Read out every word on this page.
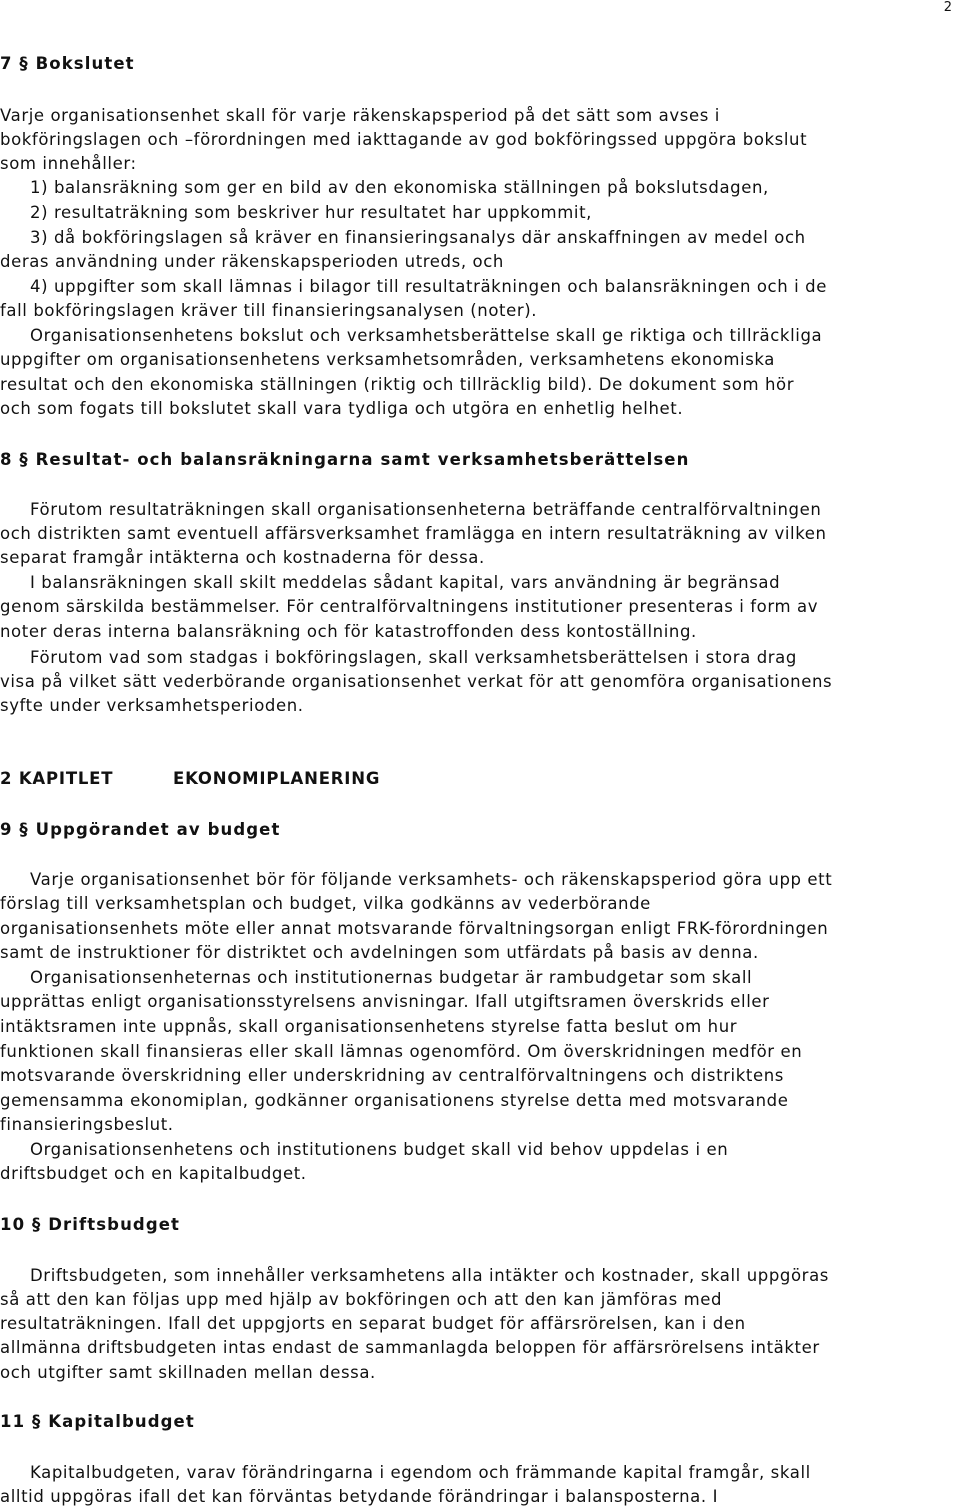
2
7 § Bokslutet
Varje organisationsenhet skall för varje räkenskapsperiod på det sätt som avses i
bokföringslagen och –förordningen med iakttagande av god bokföringssed uppgöra bokslut
som innehåller:
1) balansräkning som ger en bild av den ekonomiska ställningen på bokslutsdagen,
2) resultaträkning som beskriver hur resultatet har uppkommit,
3) då bokföringslagen så kräver en finansieringsanalys där anskaffningen av medel och
deras användning under räkenskapsperioden utreds, och
4) uppgifter som skall lämnas i bilagor till resultaträkningen och balansräkningen och i de
fall bokföringslagen kräver till finansieringsanalysen (noter).
Organisationsenhetens bokslut och verksamhetsberättelse skall ge riktiga och tillräckliga
uppgifter om organisationsenhetens verksamhetsområden, verksamhetens ekonomiska
resultat och den ekonomiska ställningen (riktig och tillräcklig bild). De dokument som hör
och som fogats till bokslutet skall vara tydliga och utgöra en enhetlig helhet.
8 § Resultat- och balansräkningarna samt verksamhetsberättelsen
Förutom resultaträkningen skall organisationsenheterna beträffande centralförvaltningen
och distrikten samt eventuell affärsverksamhet framlägga en intern resultaträkning av vilken
separat framgår intäkterna och kostnaderna för dessa.
I balansräkningen skall skilt meddelas sådant kapital, vars användning är begränsad
genom särskilda bestämmelser. För centralförvaltningens institutioner presenteras i form av
noter deras interna balansräkning och för katastroffonden dess kontoställning.
Förutom vad som stadgas i bokföringslagen, skall verksamhetsberättelsen i stora drag
visa på vilket sätt vederbörande organisationsenhet verkat för att genomföra organisationens
syfte under verksamhetsperioden.
2 KAPITLET	EKONOMIPLANERING
9 § Uppgörandet av budget
Varje organisationsenhet bör för följande verksamhets- och räkenskapsperiod göra upp ett
förslag till verksamhetsplan och budget, vilka godkänns av vederbörande
organisationsenhets möte eller annat motsvarande förvaltningsorgan enligt FRK-förordningen
samt de instruktioner för distriktet och avdelningen som utfärdats på basis av denna.
Organisationsenheternas och institutionernas budgetar är rambudgetar som skall
upprättas enligt organisationsstyrelsens anvisningar. Ifall utgiftsramen överskrids eller
intäktsramen inte uppnås, skall organisationsenhetens styrelse fatta beslut om hur
funktionen skall finansieras eller skall lämnas ogenomförd. Om överskridningen medför en
motsvarande överskridning eller underskridning av centralförvaltningens och distriktens
gemensamma ekonomiplan, godkänner organisationens styrelse detta med motsvarande
finansieringsbeslut.
Organisationsenhetens och institutionens budget skall vid behov uppdelas i en
driftsbudget och en kapitalbudget.
10 § Driftsbudget
Driftsbudgeten, som innehåller verksamhetens alla intäkter och kostnader, skall uppgöras
så att den kan följas upp med hjälp av bokföringen och att den kan jämföras med
resultaträkningen. Ifall det uppgjorts en separat budget för affärsrörelsen, kan i den
allmänna driftsbudgeten intas endast de sammanlagda beloppen för affärsrörelsens intäkter
och utgifter samt skillnaden mellan dessa.
11 § Kapitalbudget
Kapitalbudgeten, varav förändringarna i egendom och främmande kapital framgår, skall
alltid uppgöras ifall det kan förväntas betydande förändringar i balansposterna. I
